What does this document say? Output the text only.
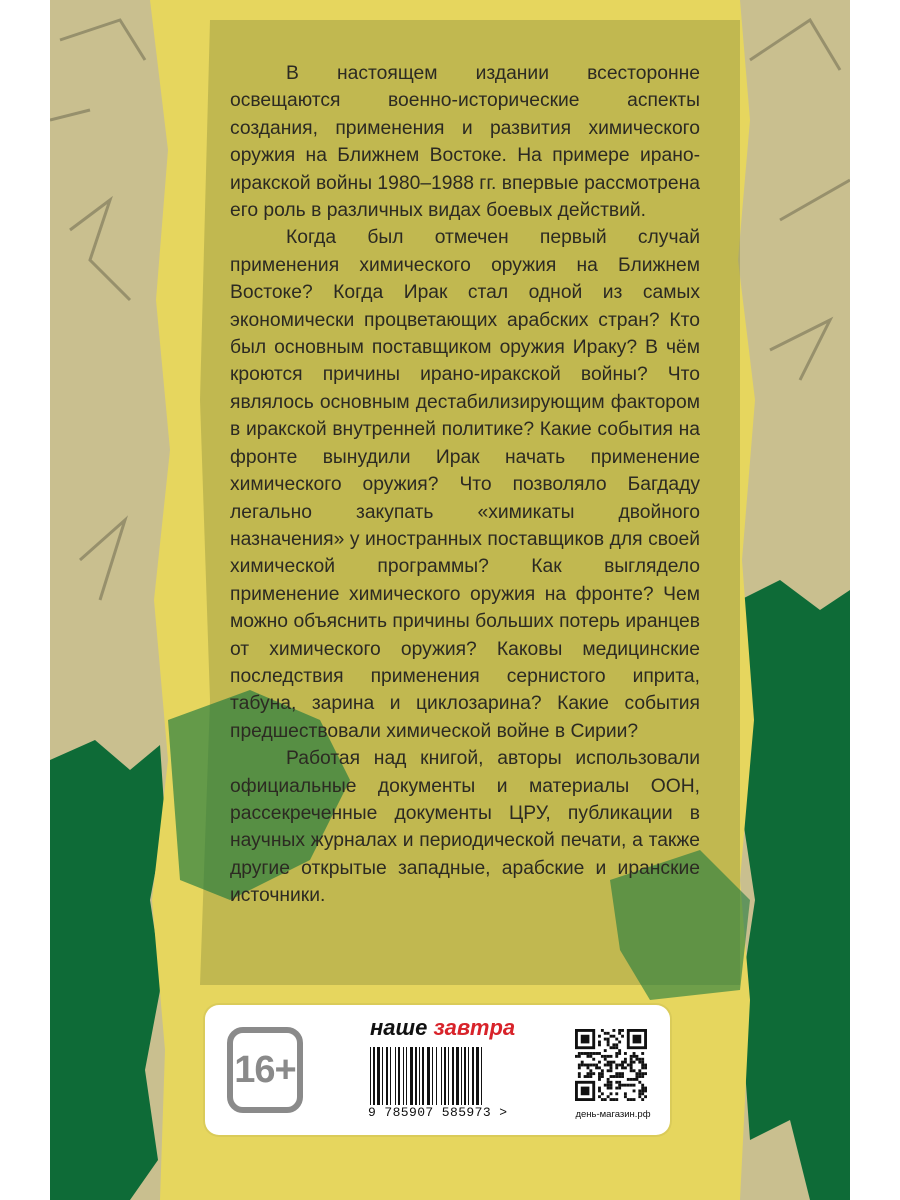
В настоящем издании всесторонне освещаются военно-исторические аспекты создания, применения и развития химического оружия на Ближнем Востоке. На примере ирано-иракской войны 1980–1988 гг. впервые рассмотрена его роль в различных видах боевых действий.

Когда был отмечен первый случай применения химического оружия на Ближнем Востоке? Когда Ирак стал одной из самых экономически процветающих арабских стран? Кто был основным поставщиком оружия Ираку? В чём кроются причины ирано-иракской войны? Что являлось основным дестабилизирующим фактором в иракской внутренней политике? Какие события на фронте вынудили Ирак начать применение химического оружия? Что позволяло Багдаду легально закупать «химикаты двойного назначения» у иностранных поставщиков для своей химической программы? Как выглядело применение химического оружия на фронте? Чем можно объяснить причины больших потерь иранцев от химического оружия? Каковы медицинские последствия применения сернистого иприта, табуна, зарина и циклозарина? Какие события предшествовали химической войне в Сирии?

Работая над книгой, авторы использовали официальные документы и материалы ООН, рассекреченные документы ЦРУ, публикации в научных журналах и периодической печати, а также другие открытые западные, арабские и иранские источники.

16+
наше завтра
9 785907 585973 >	день-магазин.рф
